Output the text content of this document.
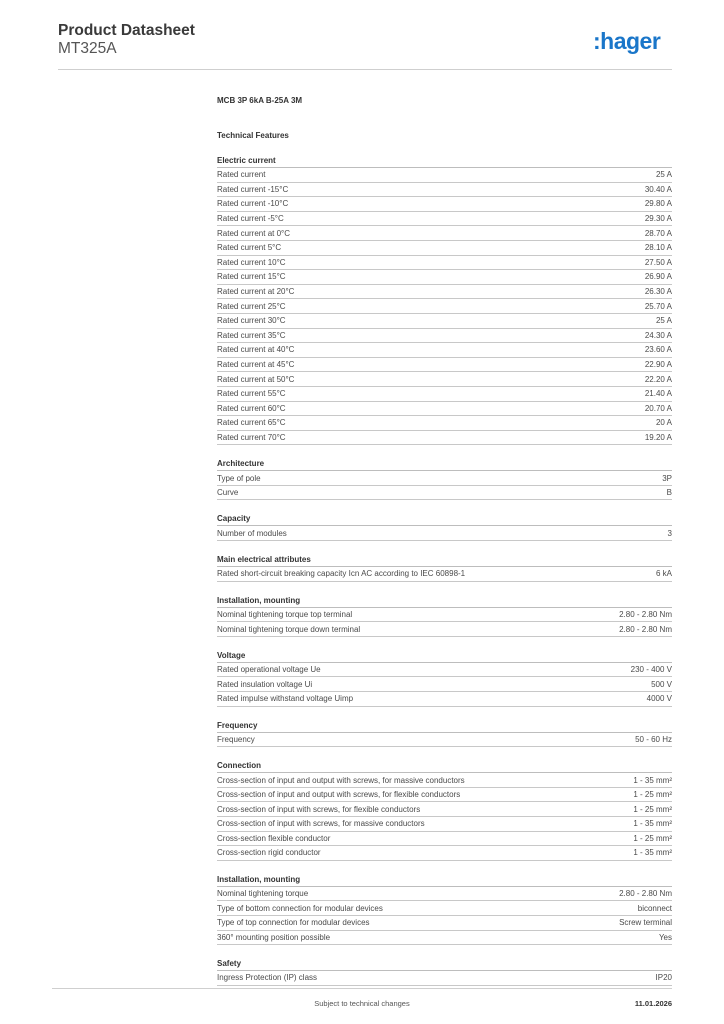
Product Datasheet
MT325A	:hager
MCB 3P 6kA B-25A 3M
Technical Features
Electric current
Rated current	25 A
Rated current -15°C	30.40 A
Rated current -10°C	29.80 A
Rated current -5°C	29.30 A
Rated current at 0°C	28.70 A
Rated current 5°C	28.10 A
Rated current 10°C	27.50 A
Rated current 15°C	26.90 A
Rated current at 20°C	26.30 A
Rated current 25°C	25.70 A
Rated current 30°C	25 A
Rated current 35°C	24.30 A
Rated current at 40°C	23.60 A
Rated current at 45°C	22.90 A
Rated current at 50°C	22.20 A
Rated current 55°C	21.40 A
Rated current 60°C	20.70 A
Rated current 65°C	20 A
Rated current 70°C	19.20 A
Architecture
Type of pole	3P
Curve	B
Capacity
Number of modules	3
Main electrical attributes
Rated short-circuit breaking capacity Icn AC according to IEC 60898-1	6 kA
Installation, mounting
Nominal tightening torque top terminal	2.80 - 2.80 Nm
Nominal tightening torque down terminal	2.80 - 2.80 Nm
Voltage
Rated operational voltage Ue	230 - 400 V
Rated insulation voltage Ui	500 V
Rated impulse withstand voltage Uimp	4000 V
Frequency
Frequency	50 - 60 Hz
Connection
Cross-section of input and output with screws, for massive conductors	1 - 35 mm²
Cross-section of input and output with screws, for flexible conductors	1 - 25 mm²
Cross-section of input with screws, for flexible conductors	1 - 25 mm²
Cross-section of input with screws, for massive conductors	1 - 35 mm²
Cross-section flexible conductor	1 - 25 mm²
Cross-section rigid conductor	1 - 35 mm²
Installation, mounting
Nominal tightening torque	2.80 - 2.80 Nm
Type of bottom connection for modular devices	biconnect
Type of top connection for modular devices	Screw terminal
360° mounting position possible	Yes
Safety
Ingress Protection (IP) class	IP20
Subject to technical changes	11.01.2026
